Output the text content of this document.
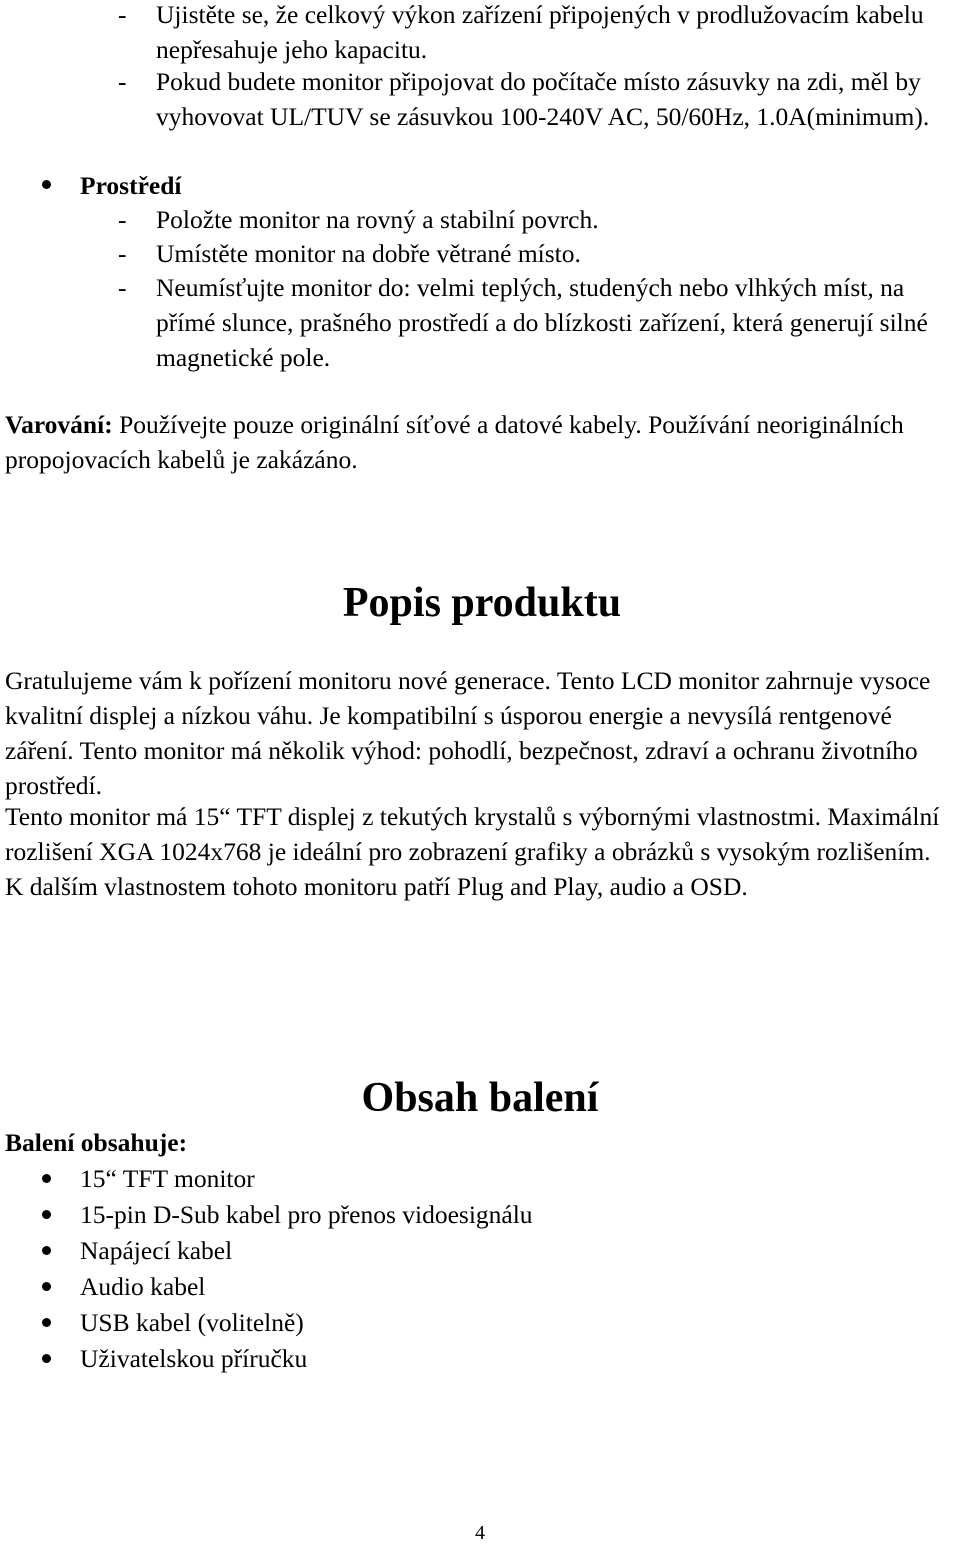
- Ujistěte se, že celkový výkon zařízení připojených v prodlužovacím kabelu nepřesahuje jeho kapacitu.
- Pokud budete monitor připojovat do počítače místo zásuvky na zdi, měl by vyhovovat UL/TUV se zásuvkou 100-240V AC, 50/60Hz, 1.0A(minimum).
Prostředí
- Položte monitor na rovný a stabilní povrch.
- Umístěte monitor na dobře větrané místo.
- Neumísťujte monitor do: velmi teplých, studených nebo vlhkých míst, na přímé slunce, prašného prostředí a do blízkosti zařízení, která generují silné magnetické pole.
Varování: Používejte pouze originální síťové a datové kabely. Používání neoriginálních propojovacích kabelů je zakázáno.
Popis produktu
Gratulujeme vám k pořízení monitoru nové generace. Tento LCD monitor zahrnuje vysoce kvalitní displej a nízkou váhu. Je kompatibilní s úsporou energie a nevysílá rentgenové záření. Tento monitor má několik výhod: pohodlí, bezpečnost, zdraví a ochranu životního prostředí.
Tento monitor má 15“ TFT displej z tekutých krystalů s výbornými vlastnostmi. Maximální rozlišení XGA 1024x768 je ideální pro zobrazení grafiky a obrázků s vysokým rozlišením. K dalším vlastnostem tohoto monitoru patří Plug and Play, audio a OSD.
Obsah balení
Balení obsahuje:
15“ TFT monitor
15-pin D-Sub kabel pro přenos vidoesignálu
Napájecí kabel
Audio kabel
USB kabel (volitelně)
Uživatelskou příručku
4
